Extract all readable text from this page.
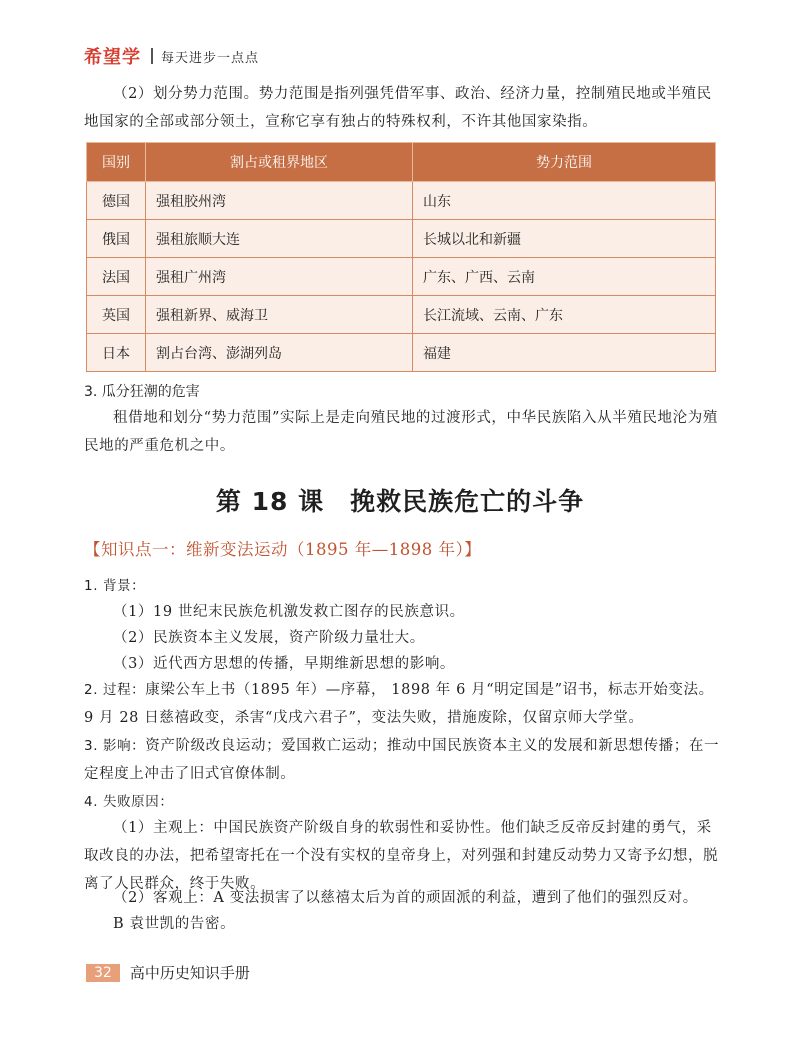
希望学 每天进步一点点

（2）划分势力范围。势力范围是指列强凭借军事、政治、经济力量，控制殖民地或半殖民地国家的全部或部分领土，宣称它享有独占的特殊权利，不许其他国家染指。

国别	割占或租界地区	势力范围
德国	强租胶州湾	山东
俄国	强租旅顺大连	长城以北和新疆
法国	强租广州湾	广东、广西、云南
英国	强租新界、威海卫	长江流域、云南、广东
日本	割占台湾、澎湖列岛	福建

3. 瓜分狂潮的危害

租借地和划分“势力范围”实际上是走向殖民地的过渡形式，中华民族陷入从半殖民地沦为殖民地的严重危机之中。

第 18 课　挽救民族危亡的斗争

【知识点一：维新变法运动（1895 年—1898 年）】

1. 背景：

（1）19 世纪末民族危机激发救亡图存的民族意识。

（2）民族资本主义发展，资产阶级力量壮大。

（3）近代西方思想的传播，早期维新思想的影响。

2. 过程：康梁公车上书（1895 年）—序幕， 1898 年 6 月“明定国是”诏书，标志开始变法。9 月 28 日慈禧政变，杀害“戊戌六君子”，变法失败，措施废除，仅留京师大学堂。

3. 影响：资产阶级改良运动；爱国救亡运动；推动中国民族资本主义的发展和新思想传播；在一定程度上冲击了旧式官僚体制。

4. 失败原因：

（1）主观上：中国民族资产阶级自身的软弱性和妥协性。他们缺乏反帝反封建的勇气，采取改良的办法，把希望寄托在一个没有实权的皇帝身上，对列强和封建反动势力又寄予幻想，脱离了人民群众，终于失败。

（2）客观上：A 变法损害了以慈禧太后为首的顽固派的利益，遭到了他们的强烈反对。

B 袁世凯的告密。

32	高中历史知识手册
